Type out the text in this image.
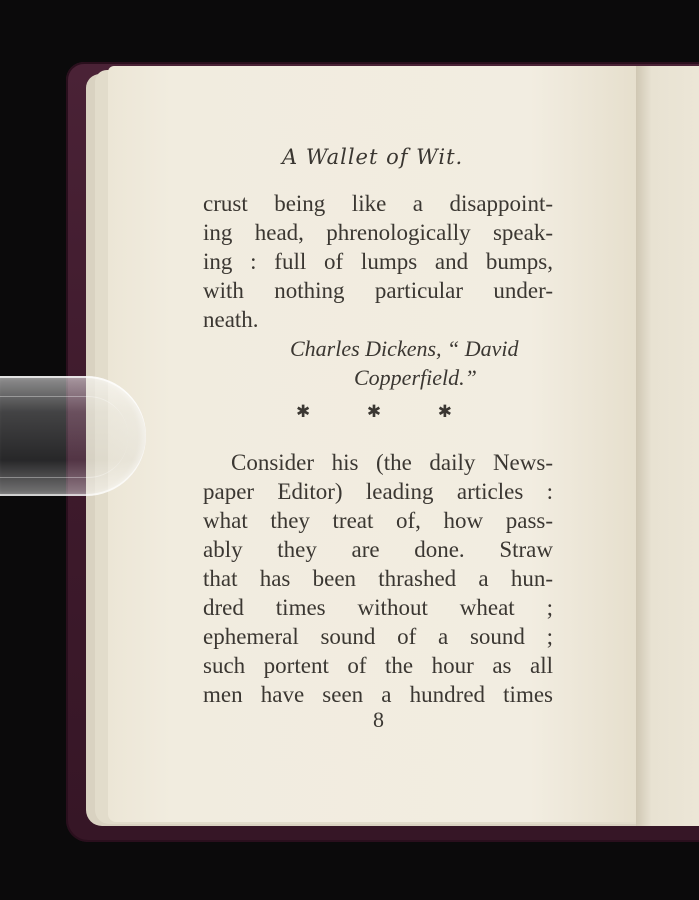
A Wallet of Wit.
crust being like a disappoint-
ing head, phrenologically speak-
ing : full of lumps and bumps,
with nothing particular under-
neath.
Charles Dickens, “ David
Copperfield.”
✱	✱	✱
Consider his (the daily News-
paper Editor) leading articles :
what they treat of, how pass-
ably they are done. Straw
that has been thrashed a hun-
dred times without wheat ;
ephemeral sound of a sound ;
such portent of the hour as all
men have seen a hundred times
8
